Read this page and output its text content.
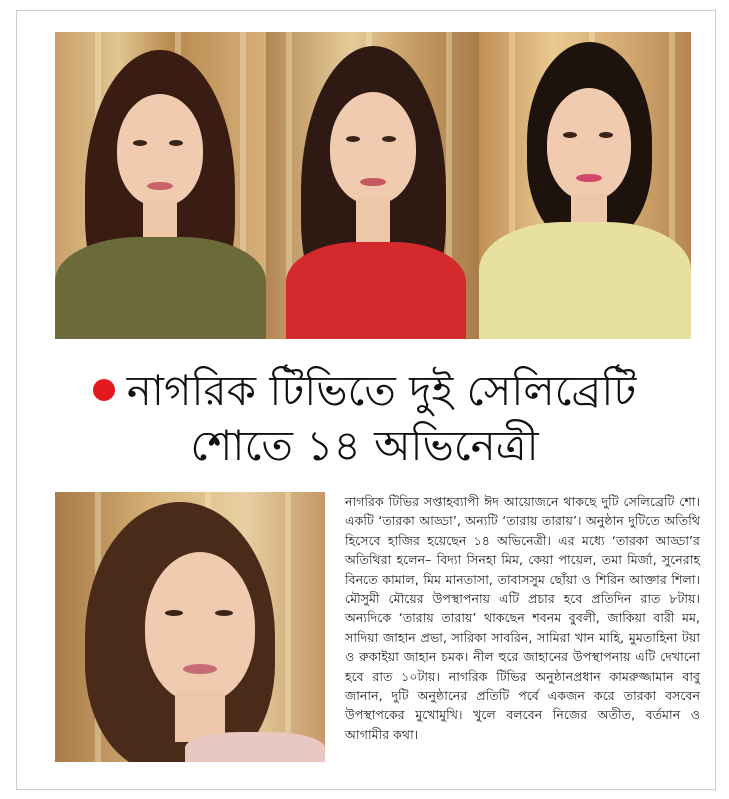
নাগরিক টিভিতে দুই সেলিব্রেটি
শোতে ১৪ অভিনেত্রী
নাগরিক টিভির সপ্তাহব্যাপী ঈদ আয়োজনে থাকছে দুটি সেলিব্রেটি শো। একটি ‘তারকা আড্ডা’, অন্যটি ‘তারায় তারায়’। অনুষ্ঠান দুটিতে অতিথি হিসেবে হাজির হয়েছেন ১৪ অভিনেত্রী। এর মধ্যে ‘তারকা আড্ডা’র অতিথিরা হলেন– বিদ্যা সিনহা মিম, কেয়া পায়েল, তমা মির্জা, সুনেরাহ বিনতে কামাল, মিম মানতাসা, তাবাসসুম ছোঁয়া ও শিরিন আক্তার শিলা। মৌসুমী মৌয়ের উপস্থাপনায় এটি প্রচার হবে প্রতিদিন রাত ৮টায়। অন্যদিকে ‘তারায় তারায়’ থাকছেন শবনম বুবলী, জাকিয়া বারী মম, সাদিয়া জাহান প্রভা, সারিকা সাবরিন, সামিরা খান মাহি, মুমতাহিনা টয়া ও রুকাইয়া জাহান চমক। নীল হুরে জাহানের উপস্থাপনায় এটি দেখানো হবে রাত ১০টায়। নাগরিক টিভির অনুষ্ঠানপ্রধান কামরুজ্জামান বাবু জানান, দুটি অনুষ্ঠানের প্রতিটি পর্বে একজন করে তারকা বসবেন উপস্থাপকের মুখোমুখি। খুলে বলবেন নিজের অতীত, বর্তমান ও আগামীর কথা।
